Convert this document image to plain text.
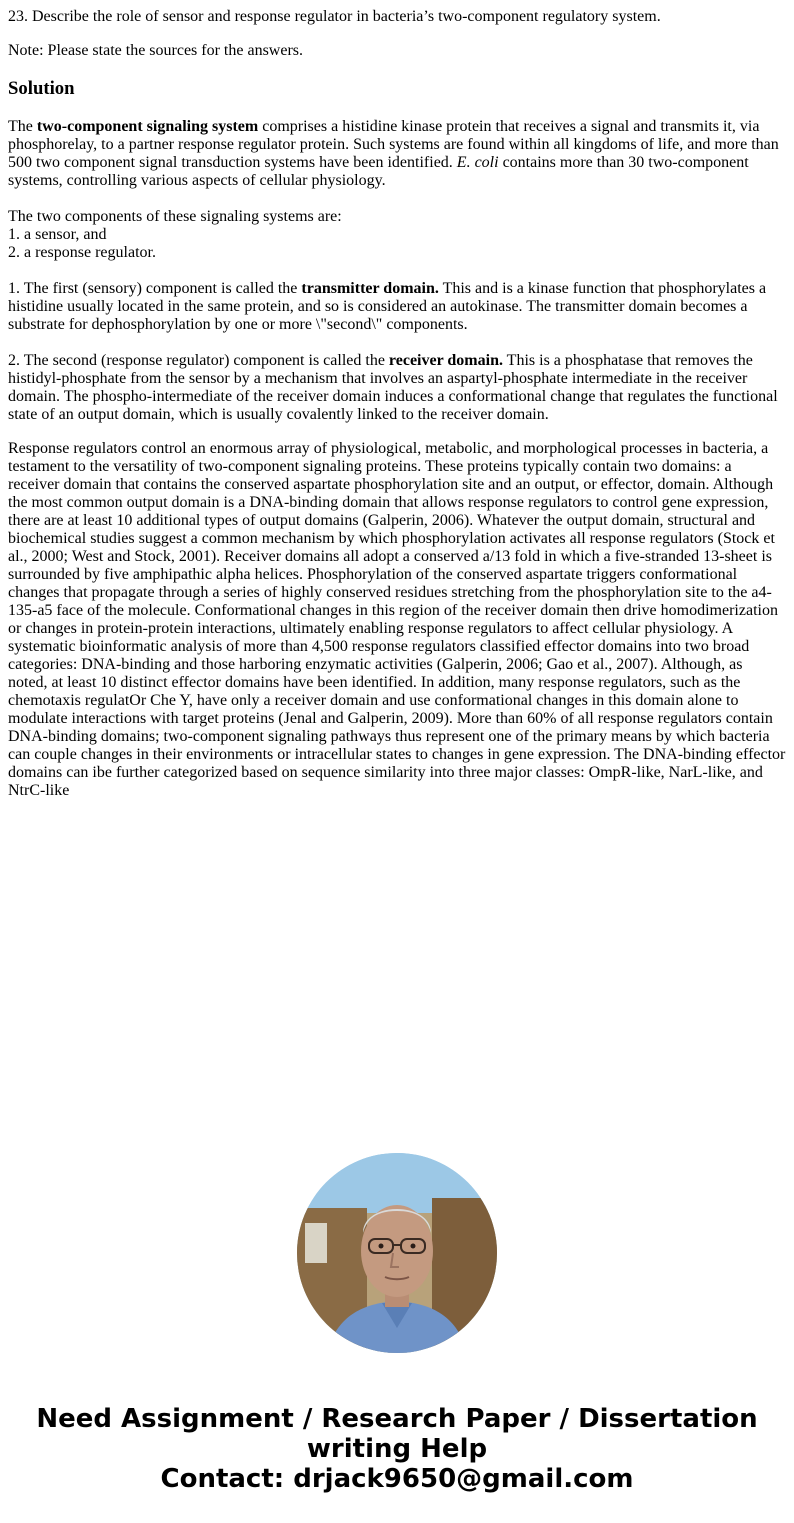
23. Describe the role of sensor and response regulator in bacteria’s two-component regulatory system.

Note: Please state the sources for the answers.

Solution

The two-component signaling system comprises a histidine kinase protein that receives a signal and transmits it, via phosphorelay, to a partner response regulator protein. Such systems are found within all kingdoms of life, and more than 500 two component signal transduction systems have been identified. E. coli contains more than 30 two-component systems, controlling various aspects of cellular physiology.

The two components of these signaling systems are:

1. a sensor, and

2. a response regulator.

1. The first (sensory) component is called the transmitter domain. This and is a kinase function that phosphorylates a histidine usually located in the same protein, and so is considered an autokinase. The transmitter domain becomes a substrate for dephosphorylation by one or more \"second\" components.

2. The second (response regulator) component is called the receiver domain. This is a phosphatase that removes the histidyl-phosphate from the sensor by a mechanism that involves an aspartyl-phosphate intermediate in the receiver domain. The phospho-intermediate of the receiver domain induces a conformational change that regulates the functional state of an output domain, which is usually covalently linked to the receiver domain.

Response regulators control an enormous array of physiological, metabolic, and morphological processes in bacteria, a testament to the versatility of two-component signaling proteins. These proteins typically contain two domains: a receiver domain that contains the conserved aspartate phosphorylation site and an output, or effector, domain. Although the most common output domain is a DNA-binding domain that allows response regulators to control gene expression, there are at least 10 additional types of output domains (Galperin, 2006). Whatever the output domain, structural and biochemical studies suggest a common mechanism by which phosphorylation activates all response regulators (Stock et al., 2000; West and Stock, 2001). Receiver domains all adopt a conserved a/13 fold in which a five-stranded 13-sheet is surrounded by five amphipathic alpha helices. Phosphorylation of the conserved aspartate triggers conformational changes that propagate through a series of highly conserved residues stretching from the phosphorylation site to the a4-135-a5 face of the molecule. Conformational changes in this region of the receiver domain then drive homodimerization or changes in protein-protein interactions, ultimately enabling response regulators to affect cellular physiology. A systematic bioinformatic analysis of more than 4,500 response regulators classified effector domains into two broad categories: DNA-binding and those harboring enzymatic activities (Galperin, 2006; Gao et al., 2007). Although, as noted, at least 10 distinct effector domains have been identified. In addition, many response regulators, such as the chemotaxis regulatOr Che Y, have only a receiver domain and use conformational changes in this domain alone to modulate interactions with target proteins (Jenal and Galperin, 2009). More than 60% of all response regulators contain DNA-binding domains; two-component signaling pathways thus represent one of the primary means by which bacteria can couple changes in their environments or intracellular states to changes in gene expression. The DNA-binding effector domains can ibe further categorized based on sequence similarity into three major classes: OmpR-like, NarL-like, and NtrC-like

Need Assignment / Research Paper / Dissertation
writing Help
Contact: drjack9650@gmail.com
